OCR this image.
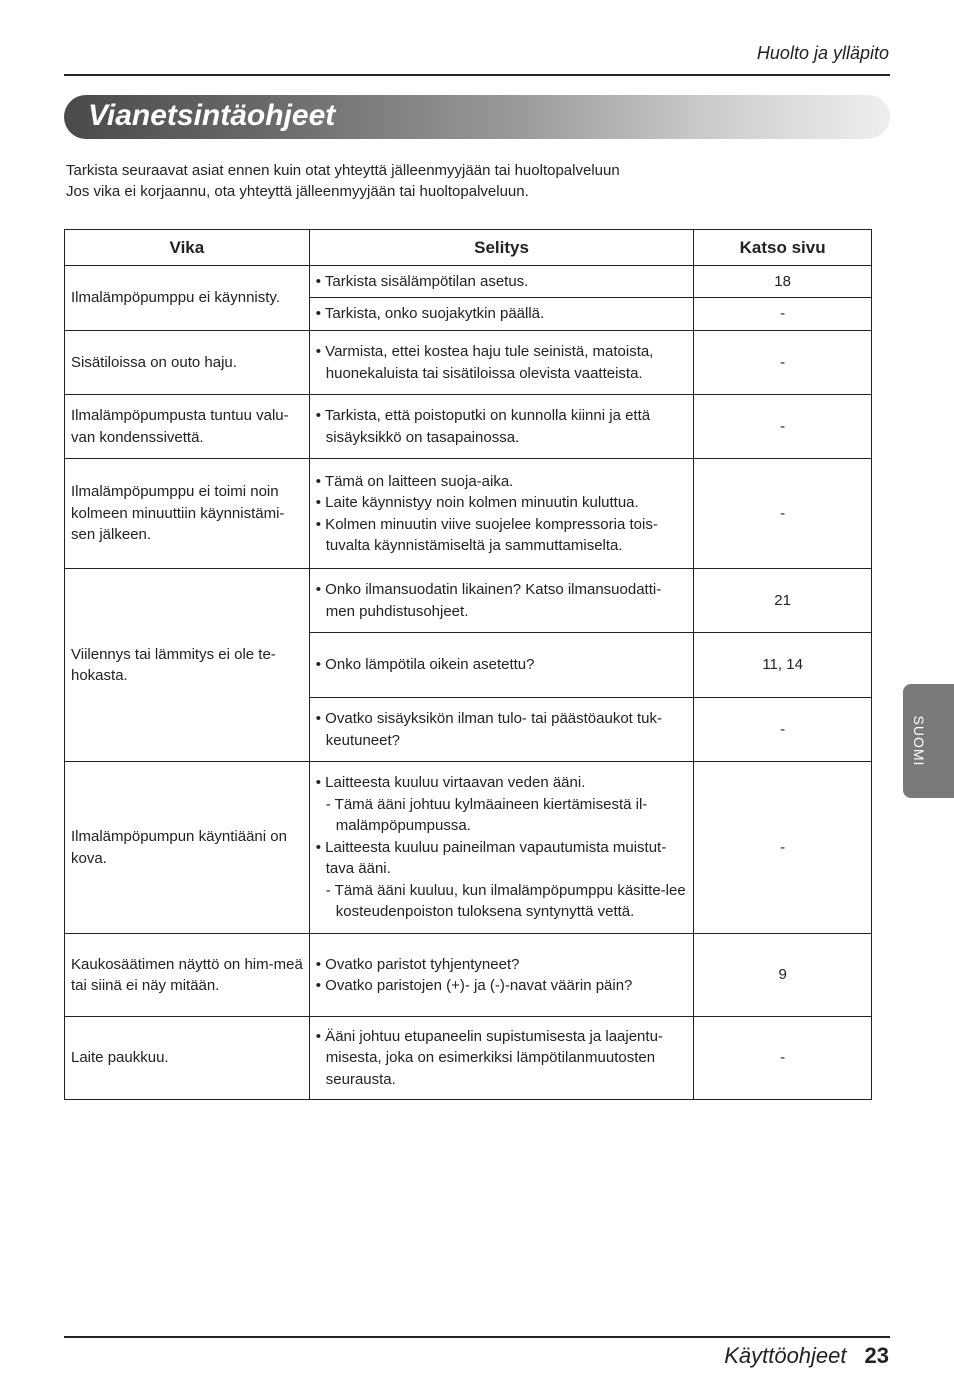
Huolto ja ylläpito
Vianetsintäohjeet
Tarkista seuraavat asiat ennen kuin otat yhteyttä jälleenmyyjään tai huoltopalveluun
Jos vika ei korjaannu, ota yhteyttä jälleenmyyjään tai huoltopalveluun.
Vika	Selitys	Katso sivu
Ilmalämpöpumppu ei käynnisty.	• Tarkista sisälämpötilan asetus.	18

	• Tarkista, onko suojakytkin päällä.	-
Sisätiloissa on outo haju.	• Varmista, ettei kostea haju tule seinistä, matoista, huonekaluista tai sisätiloissa olevista vaatteista.	-
Ilmalämpöpumpusta tuntuu valu-van kondenssivettä.	• Tarkista, että poistoputki on kunnolla kiinni ja että sisäyksikkö on tasapainossa.	-
Ilmalämpöpumppu ei toimi noin kolmeen minuuttiin käynnistämi-sen jälkeen.	• Tämä on laitteen suoja-aika.
• Laite käynnistyy noin kolmen minuutin kuluttua.
• Kolmen minuutin viive suojelee kompressoria tois-tuvalta käynnistämiseltä ja sammuttamiselta.	-
Viilennys tai lämmitys ei ole te-hokasta.	• Onko ilmansuodatin likainen? Katso ilmansuodatti-men puhdistusohjeet.	21

	• Onko lämpötila oikein asetettu?	11, 14

	• Ovatko sisäyksikön ilman tulo- tai päästöaukot tuk-keutuneet?	-
Ilmalämpöpumpun käyntiääni on kova.	• Laitteesta kuuluu virtaavan veden ääni.
- Tämä ääni johtuu kylmäaineen kiertämisestä il-malämpöpumpussa.
• Laitteesta kuuluu paineilman vapautumista muistut-tava ääni.
- Tämä ääni kuuluu, kun ilmalämpöpumppu käsitte-lee kosteudenpoiston tuloksena syntynyttä vettä.	-
Kaukosäätimen näyttö on him-meä tai siinä ei näy mitään.	• Ovatko paristot tyhjentyneet?
• Ovatko paristojen (+)- ja (-)-navat väärin päin?	9
Laite paukkuu.	• Ääni johtuu etupaneelin supistumisesta ja laajentu-misesta, joka on esimerkiksi lämpötilanmuutosten seurausta.	-
SUOMI
Käyttöohjeet 23
